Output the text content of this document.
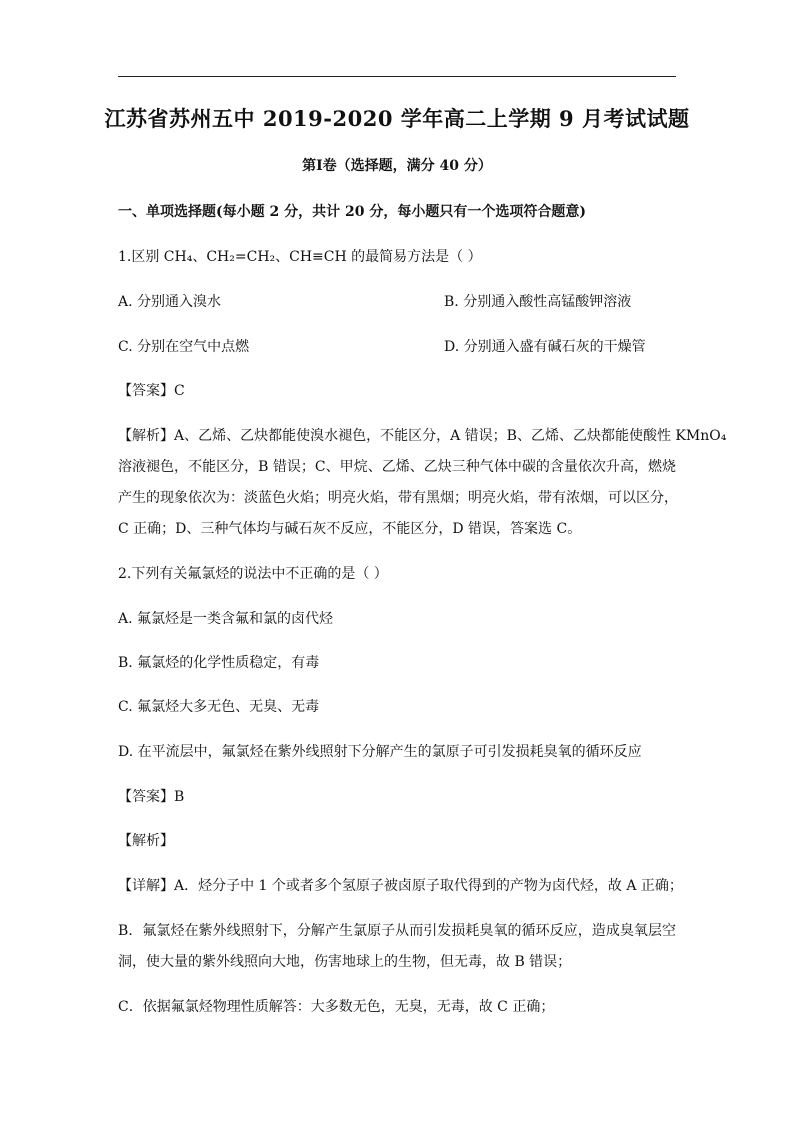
江苏省苏州五中 2019-2020 学年高二上学期 9 月考试试题
第Ⅰ卷（选择题，满分 40 分）
一、单项选择题(每小题 2 分，共计 20 分，每小题只有一个选项符合题意)
1.区别 CH₄、CH₂=CH₂、CH≡CH 的最简易方法是（ ）
A. 分别通入溴水	B. 分别通入酸性高锰酸钾溶液
C. 分别在空气中点燃	D. 分别通入盛有碱石灰的干燥管
【答案】C
【解析】A、乙烯、乙炔都能使溴水褪色，不能区分，A 错误；B、乙烯、乙炔都能使酸性 KMnO₄
溶液褪色，不能区分，B 错误；C、甲烷、乙烯、乙炔三种气体中碳的含量依次升高，燃烧
产生的现象依次为：淡蓝色火焰；明亮火焰，带有黑烟；明亮火焰，带有浓烟，可以区分，
C 正确；D、三种气体均与碱石灰不反应，不能区分，D 错误，答案选 C。
2.下列有关氟氯烃的说法中不正确的是（ ）
A. 氟氯烃是一类含氟和氯的卤代烃
B. 氟氯烃的化学性质稳定，有毒
C. 氟氯烃大多无色、无臭、无毒
D. 在平流层中，氟氯烃在紫外线照射下分解产生的氯原子可引发损耗臭氧的循环反应
【答案】B
【解析】
【详解】A．烃分子中 1 个或者多个氢原子被卤原子取代得到的产物为卤代烃，故 A 正确；
B．氟氯烃在紫外线照射下，分解产生氯原子从而引发损耗臭氧的循环反应，造成臭氧层空
洞，使大量的紫外线照向大地，伤害地球上的生物，但无毒，故 B 错误；
C．依据氟氯烃物理性质解答：大多数无色，无臭，无毒，故 C 正确；
